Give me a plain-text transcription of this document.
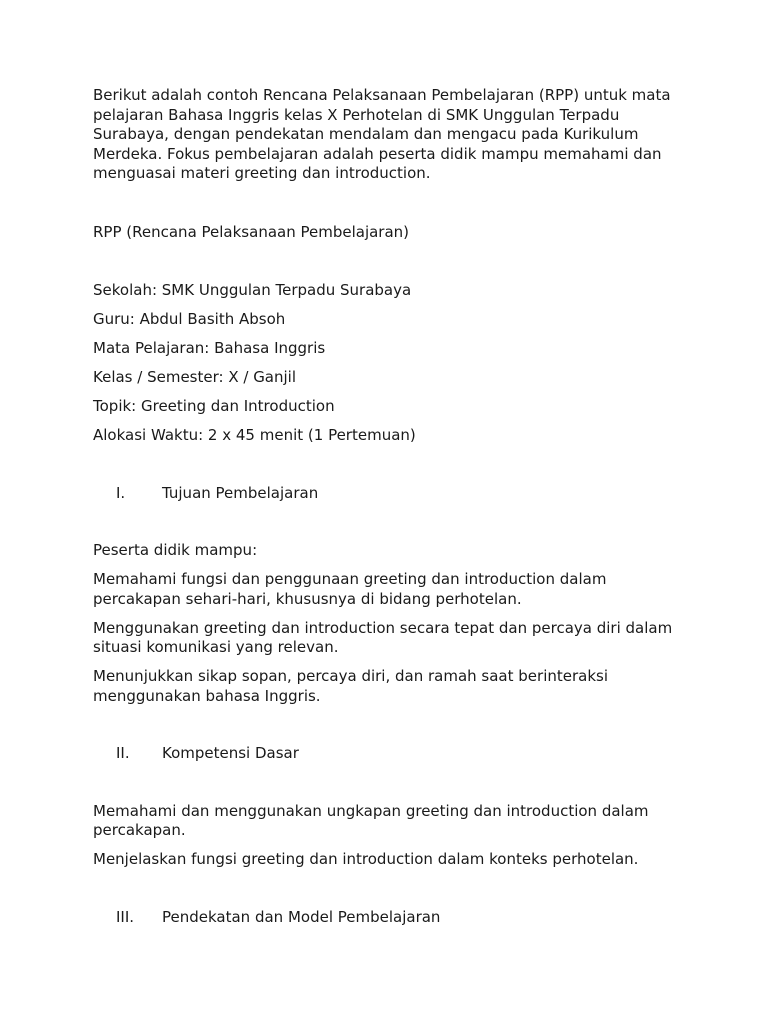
Berikut adalah contoh Rencana Pelaksanaan Pembelajaran (RPP) untuk mata pelajaran Bahasa Inggris kelas X Perhotelan di SMK Unggulan Terpadu Surabaya, dengan pendekatan mendalam dan mengacu pada Kurikulum Merdeka. Fokus pembelajaran adalah peserta didik mampu memahami dan menguasai materi greeting dan introduction.

RPP (Rencana Pelaksanaan Pembelajaran)

Sekolah: SMK Unggulan Terpadu Surabaya

Guru: Abdul Basith Absoh

Mata Pelajaran: Bahasa Inggris

Kelas / Semester: X / Ganjil

Topik: Greeting dan Introduction

Alokasi Waktu: 2 x 45 menit (1 Pertemuan)

I.	Tujuan Pembelajaran

Peserta didik mampu:

Memahami fungsi dan penggunaan greeting dan introduction dalam percakapan sehari-hari, khususnya di bidang perhotelan.

Menggunakan greeting dan introduction secara tepat dan percaya diri dalam situasi komunikasi yang relevan.

Menunjukkan sikap sopan, percaya diri, dan ramah saat berinteraksi menggunakan bahasa Inggris.

II.	Kompetensi Dasar

Memahami dan menggunakan ungkapan greeting dan introduction dalam percakapan.

Menjelaskan fungsi greeting dan introduction dalam konteks perhotelan.

III.	Pendekatan dan Model Pembelajaran
